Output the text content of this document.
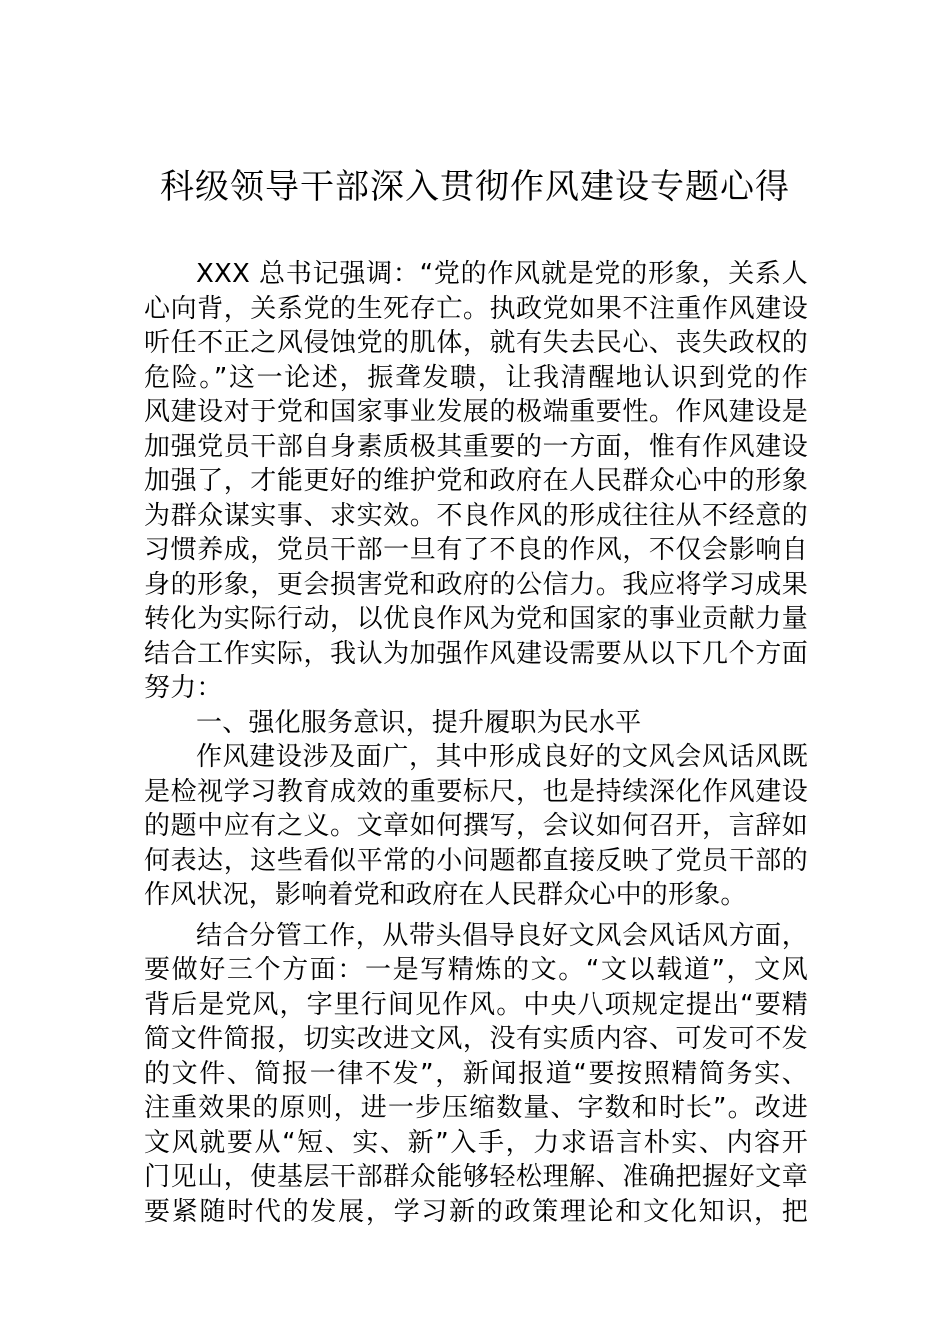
科级领导干部深入贯彻作风建设专题心得
XXX 总书记强调：“党的作风就是党的形象，关系人
心向背，关系党的生死存亡。执政党如果不注重作风建设
听任不正之风侵蚀党的肌体，就有失去民心、丧失政权的
危险。”这一论述，振聋发聩，让我清醒地认识到党的作
风建设对于党和国家事业发展的极端重要性。作风建设是
加强党员干部自身素质极其重要的一方面，惟有作风建设
加强了，才能更好的维护党和政府在人民群众心中的形象
为群众谋实事、求实效。不良作风的形成往往从不经意的
习惯养成，党员干部一旦有了不良的作风，不仅会影响自
身的形象，更会损害党和政府的公信力。我应将学习成果
转化为实际行动，以优良作风为党和国家的事业贡献力量
结合工作实际，我认为加强作风建设需要从以下几个方面
努力：
一、强化服务意识，提升履职为民水平
作风建设涉及面广，其中形成良好的文风会风话风既
是检视学习教育成效的重要标尺，也是持续深化作风建设
的题中应有之义。文章如何撰写，会议如何召开，言辞如
何表达，这些看似平常的小问题都直接反映了党员干部的
作风状况，影响着党和政府在人民群众心中的形象。
结合分管工作，从带头倡导良好文风会风话风方面，
要做好三个方面：一是写精炼的文。“文以载道”，文风
背后是党风，字里行间见作风。中央八项规定提出“要精
简文件简报，切实改进文风，没有实质内容、可发可不发
的文件、简报一律不发”，新闻报道“要按照精简务实、
注重效果的原则，进一步压缩数量、字数和时长”。改进
文风就要从“短、实、新”入手，力求语言朴实、内容开
门见山，使基层干部群众能够轻松理解、准确把握好文章
要紧随时代的发展，学习新的政策理论和文化知识，把
